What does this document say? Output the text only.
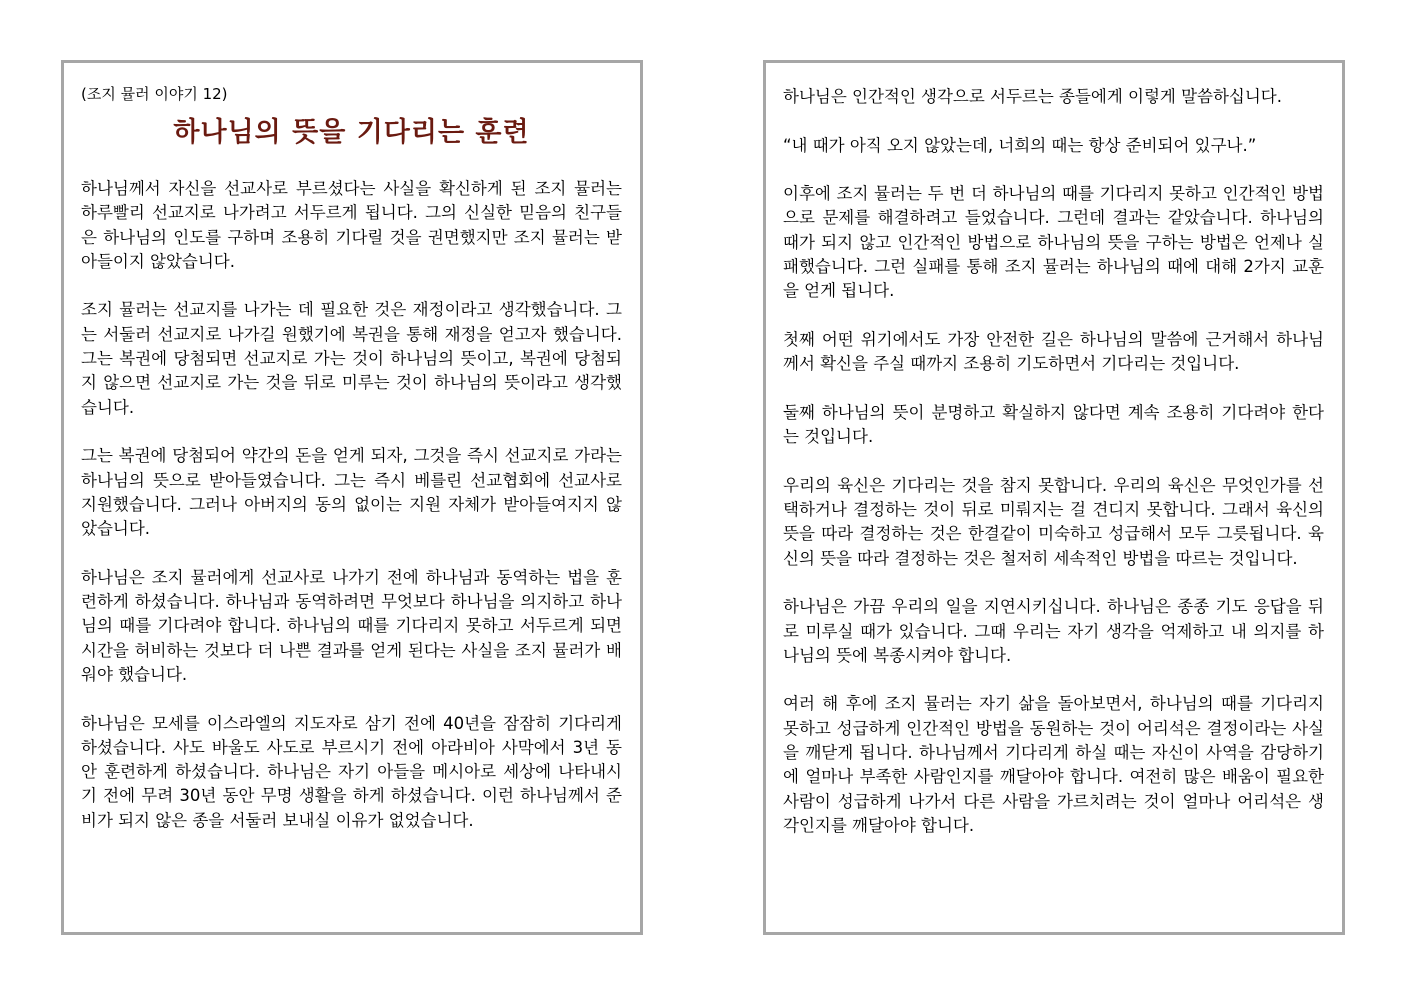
(조지 뮬러 이야기 12)
하나님의 뜻을 기다리는 훈련

하나님께서 자신을 선교사로 부르셨다는 사실을 확신하게 된 조지 뮬러는 하루빨리 선교지로 나가려고 서두르게 됩니다. 그의 신실한 믿음의 친구들은 하나님의 인도를 구하며 조용히 기다릴 것을 권면했지만 조지 뮬러는 받아들이지 않았습니다.

조지 뮬러는 선교지를 나가는 데 필요한 것은 재정이라고 생각했습니다. 그는 서둘러 선교지로 나가길 원했기에 복권을 통해 재정을 얻고자 했습니다. 그는 복권에 당첨되면 선교지로 가는 것이 하나님의 뜻이고, 복권에 당첨되지 않으면 선교지로 가는 것을 뒤로 미루는 것이 하나님의 뜻이라고 생각했습니다.

그는 복권에 당첨되어 약간의 돈을 얻게 되자, 그것을 즉시 선교지로 가라는 하나님의 뜻으로 받아들였습니다. 그는 즉시 베를린 선교협회에 선교사로 지원했습니다. 그러나 아버지의 동의 없이는 지원 자체가 받아들여지지 않았습니다.

하나님은 조지 뮬러에게 선교사로 나가기 전에 하나님과 동역하는 법을 훈련하게 하셨습니다. 하나님과 동역하려면 무엇보다 하나님을 의지하고 하나님의 때를 기다려야 합니다. 하나님의 때를 기다리지 못하고 서두르게 되면 시간을 허비하는 것보다 더 나쁜 결과를 얻게 된다는 사실을 조지 뮬러가 배워야 했습니다.

하나님은 모세를 이스라엘의 지도자로 삼기 전에 40년을 잠잠히 기다리게 하셨습니다. 사도 바울도 사도로 부르시기 전에 아라비아 사막에서 3년 동안 훈련하게 하셨습니다. 하나님은 자기 아들을 메시아로 세상에 나타내시기 전에 무려 30년 동안 무명 생활을 하게 하셨습니다. 이런 하나님께서 준비가 되지 않은 종을 서둘러 보내실 이유가 없었습니다.

하나님은 인간적인 생각으로 서두르는 종들에게 이렇게 말씀하십니다.

“내 때가 아직 오지 않았는데, 너희의 때는 항상 준비되어 있구나.”

이후에 조지 뮬러는 두 번 더 하나님의 때를 기다리지 못하고 인간적인 방법으로 문제를 해결하려고 들었습니다. 그런데 결과는 같았습니다. 하나님의 때가 되지 않고 인간적인 방법으로 하나님의 뜻을 구하는 방법은 언제나 실패했습니다. 그런 실패를 통해 조지 뮬러는 하나님의 때에 대해 2가지 교훈을 얻게 됩니다.

첫째 어떤 위기에서도 가장 안전한 길은 하나님의 말씀에 근거해서 하나님께서 확신을 주실 때까지 조용히 기도하면서 기다리는 것입니다.

둘째 하나님의 뜻이 분명하고 확실하지 않다면 계속 조용히 기다려야 한다는 것입니다.

우리의 육신은 기다리는 것을 참지 못합니다. 우리의 육신은 무엇인가를 선택하거나 결정하는 것이 뒤로 미뤄지는 걸 견디지 못합니다. 그래서 육신의 뜻을 따라 결정하는 것은 한결같이 미숙하고 성급해서 모두 그릇됩니다. 육신의 뜻을 따라 결정하는 것은 철저히 세속적인 방법을 따르는 것입니다.

하나님은 가끔 우리의 일을 지연시키십니다. 하나님은 종종 기도 응답을 뒤로 미루실 때가 있습니다. 그때 우리는 자기 생각을 억제하고 내 의지를 하나님의 뜻에 복종시켜야 합니다.

여러 해 후에 조지 뮬러는 자기 삶을 돌아보면서, 하나님의 때를 기다리지 못하고 성급하게 인간적인 방법을 동원하는 것이 어리석은 결정이라는 사실을 깨닫게 됩니다. 하나님께서 기다리게 하실 때는 자신이 사역을 감당하기에 얼마나 부족한 사람인지를 깨달아야 합니다. 여전히 많은 배움이 필요한 사람이 성급하게 나가서 다른 사람을 가르치려는 것이 얼마나 어리석은 생각인지를 깨달아야 합니다.
